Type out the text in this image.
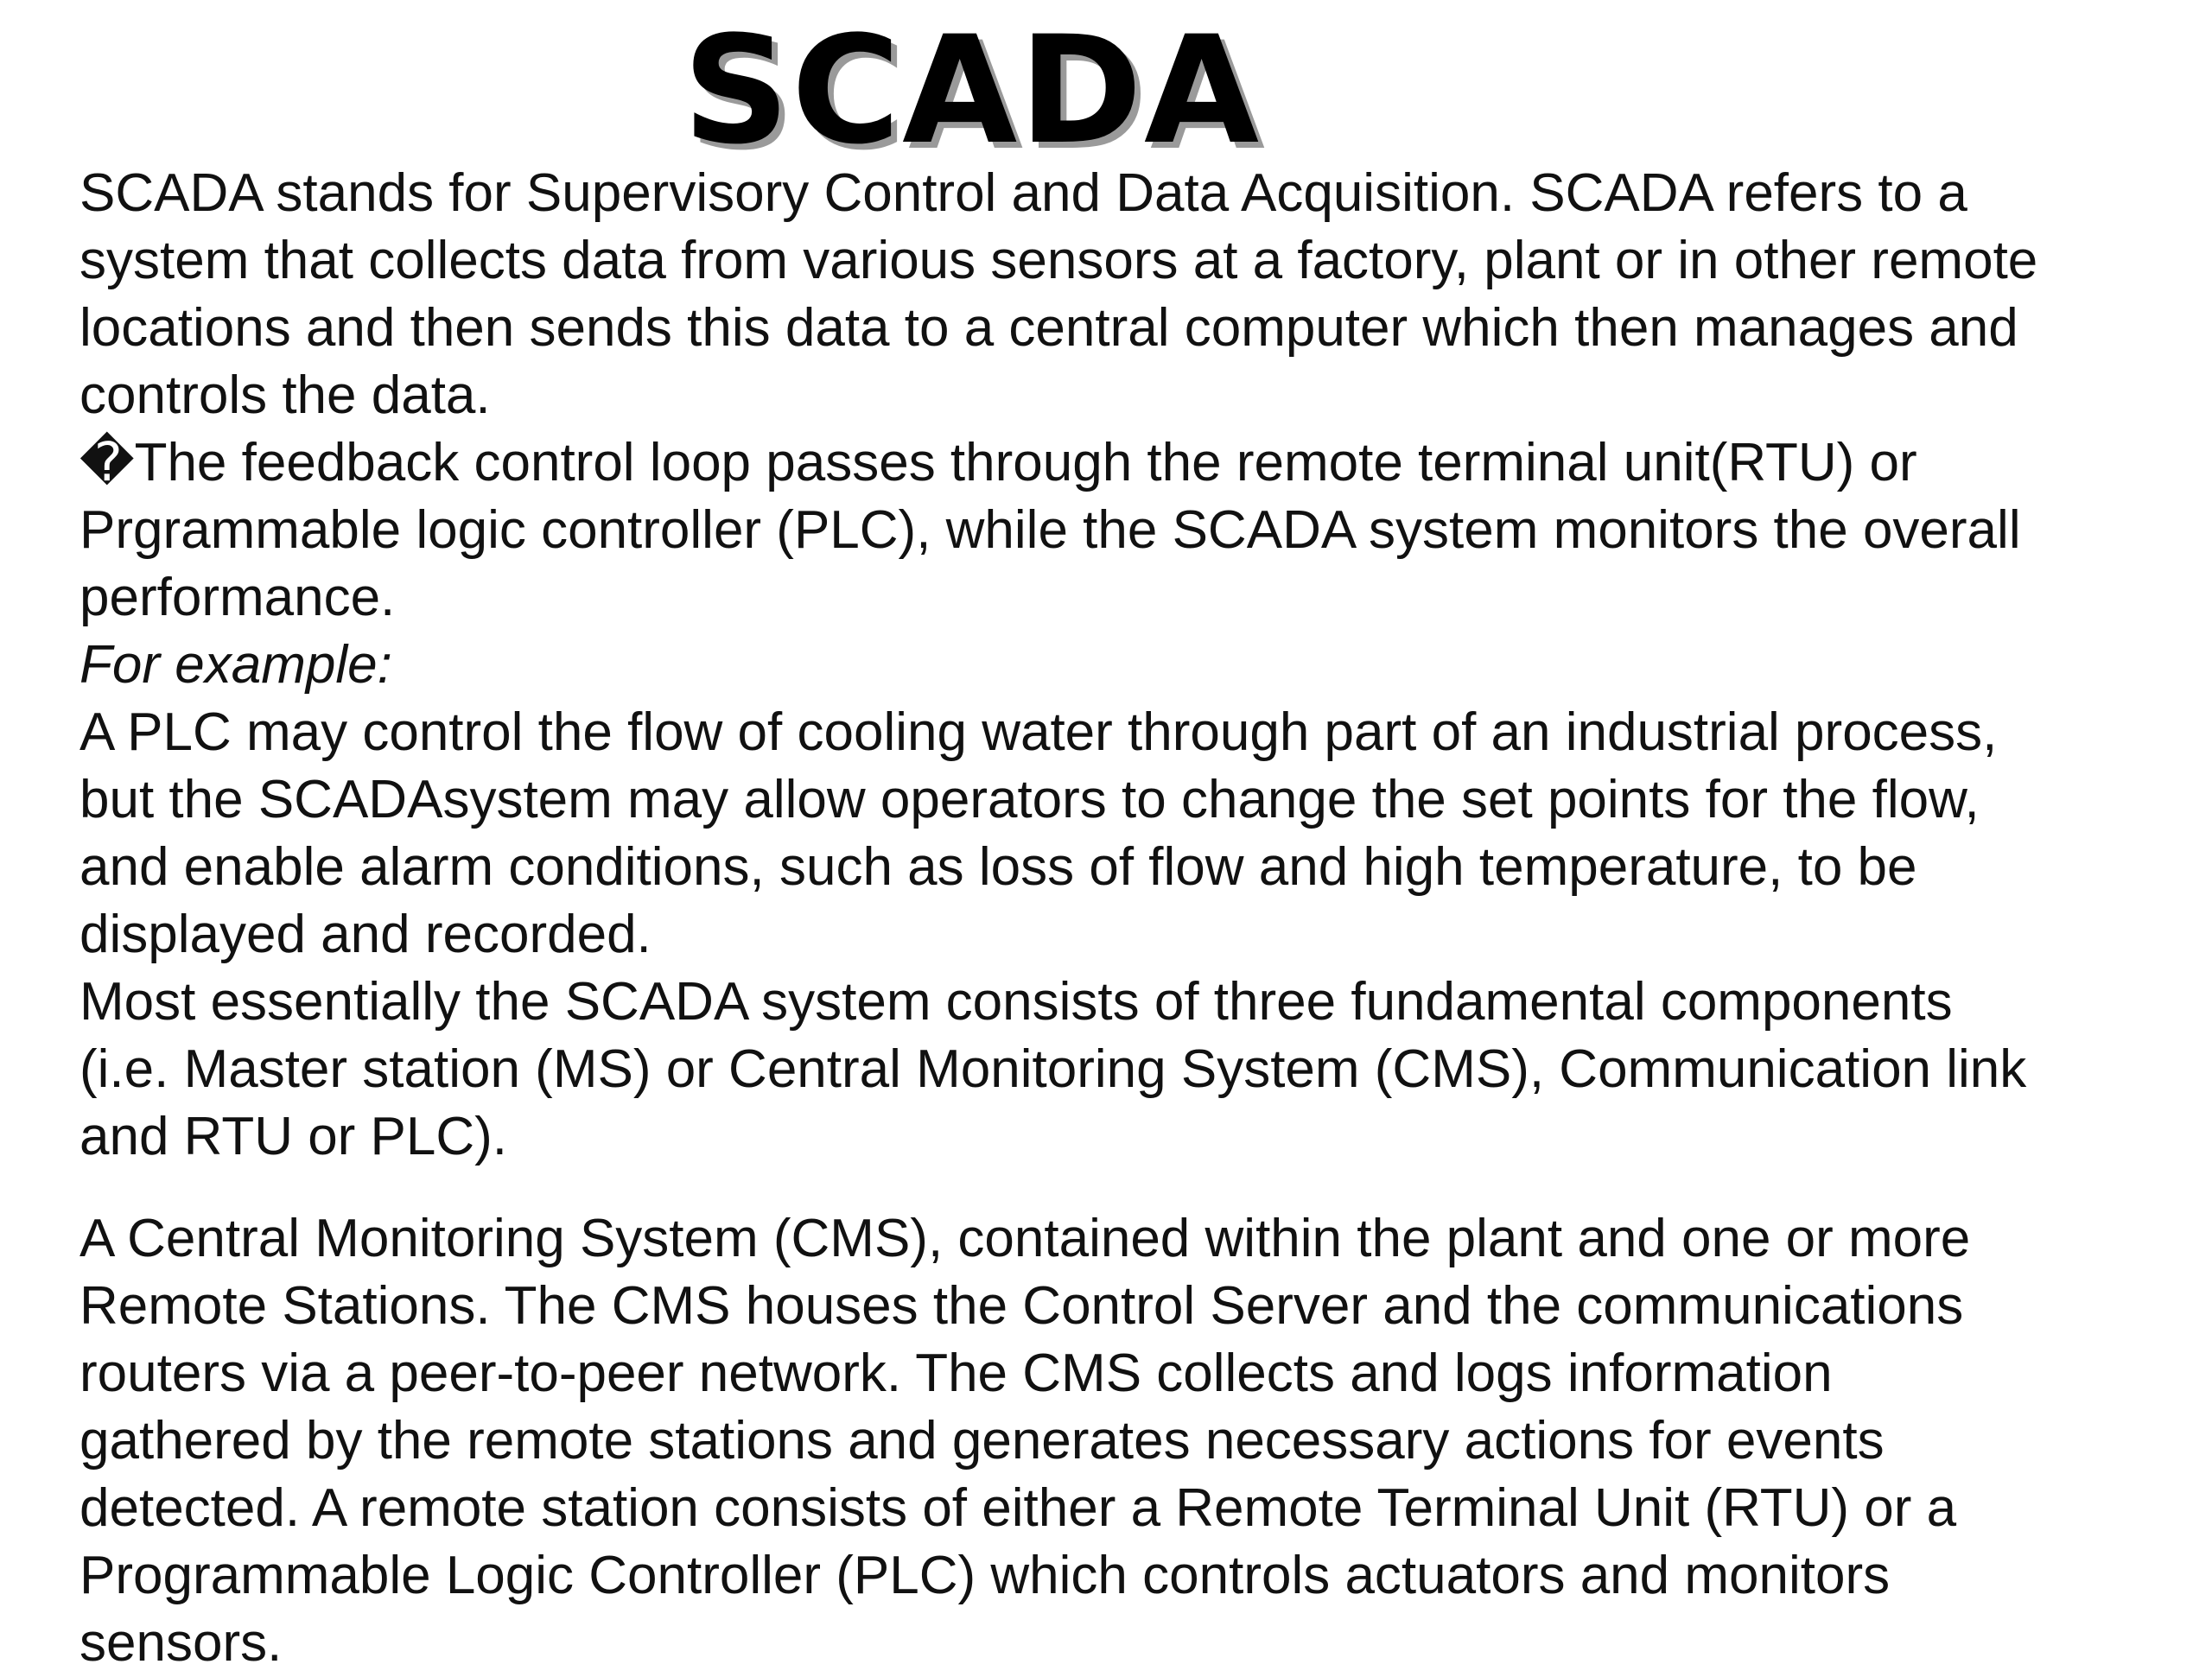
SCADA
SCADA stands for Supervisory Control and Data Acquisition. SCADA refers to a
system that collects data from various sensors at a factory, plant or in other remote
locations and then sends this data to a central computer which then manages and
controls the data.
�The feedback control loop passes through the remote terminal unit(RTU) or
Prgrammable logic controller (PLC), while the SCADA system monitors the overall
performance.
For example:
A PLC may control the flow of cooling water through part of an industrial process,
but the SCADAsystem may allow operators to change the set points for the flow,
and enable alarm conditions, such as loss of flow and high temperature, to be
displayed and recorded.
Most essentially the SCADA system consists of three fundamental components
(i.e. Master station (MS) or Central Monitoring System (CMS), Communication link
and RTU or PLC).
A Central Monitoring System (CMS), contained within the plant and one or more
Remote Stations. The CMS houses the Control Server and the communications
routers via a peer-to-peer network. The CMS collects and logs information
gathered by the remote stations and generates necessary actions for events
detected. A remote station consists of either a Remote Terminal Unit (RTU) or a
Programmable Logic Controller (PLC) which controls actuators and monitors
sensors.
